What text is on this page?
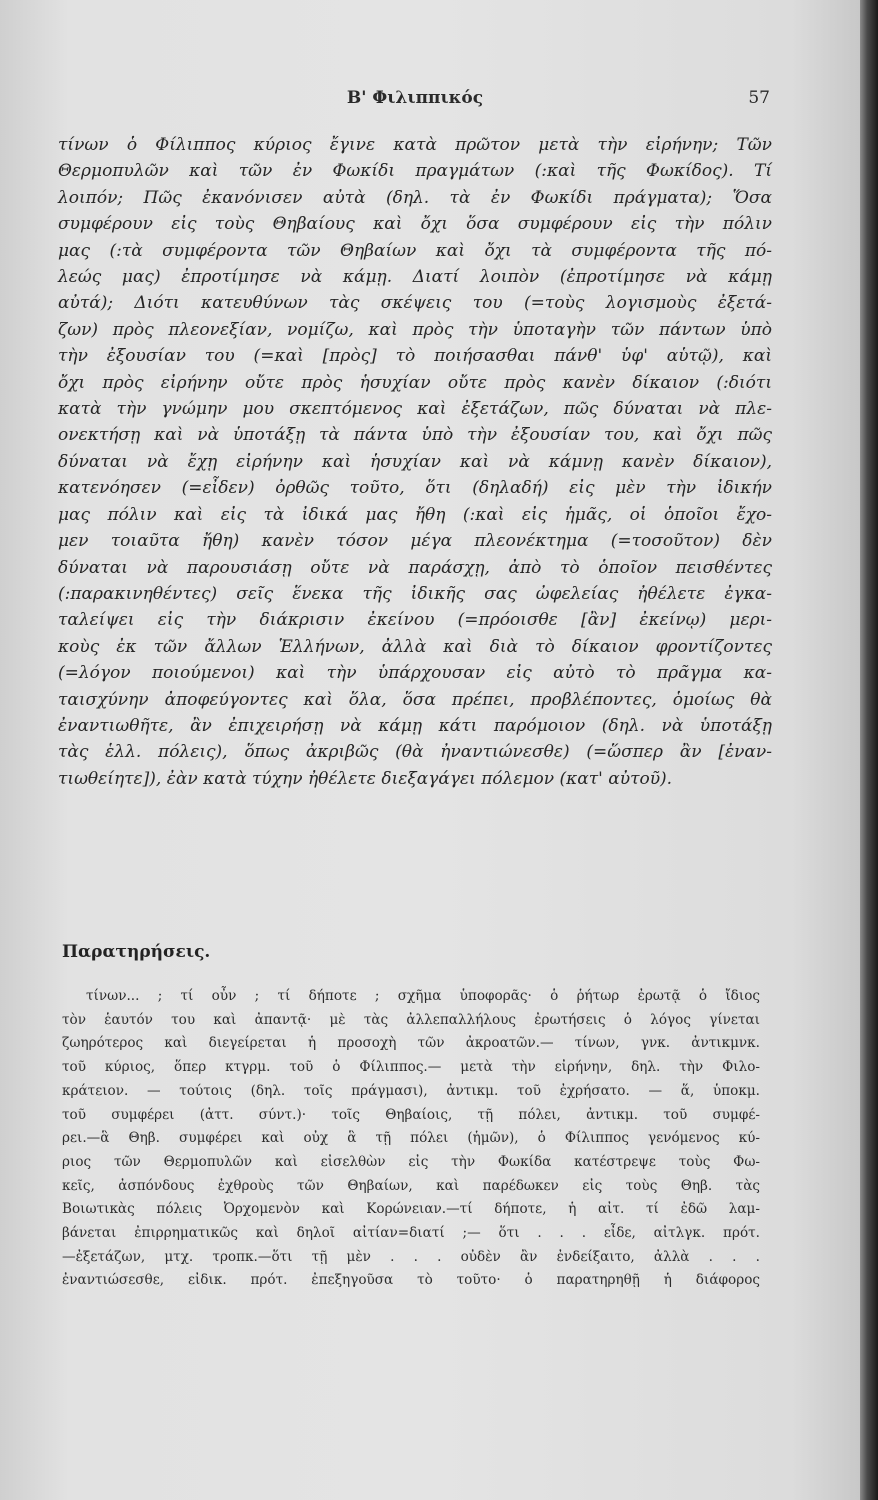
Β' Φιλιππικός	57
τίνων ὁ Φίλιππος κύριος ἔγινε κατὰ πρῶτον μετὰ τὴν εἰρήνην; Τῶν
Θερμοπυλῶν καὶ τῶν ἐν Φωκίδι πραγμάτων (:καὶ τῆς Φωκίδος). Τί
λοιπόν; Πῶς ἐκανόνισεν αὐτὰ (δηλ. τὰ ἐν Φωκίδι πράγματα); Ὅσα
συμφέρουν εἰς τοὺς Θηβαίους καὶ ὄχι ὅσα συμφέρουν εἰς τὴν πόλιν
μας (:τὰ συμφέροντα τῶν Θηβαίων καὶ ὄχι τὰ συμφέροντα τῆς πό-
λεώς μας) ἐπροτίμησε νὰ κάμῃ. Διατί λοιπὸν (ἐπροτίμησε νὰ κάμῃ
αὐτά); Διότι κατευθύνων τὰς σκέψεις του (=τοὺς λογισμοὺς ἐξετά-
ζων) πρὸς πλεονεξίαν, νομίζω, καὶ πρὸς τὴν ὑποταγὴν τῶν πάντων ὑπὸ
τὴν ἐξουσίαν του (=καὶ [πρὸς] τὸ ποιήσασθαι πάνθ' ὑφ' αὑτῷ), καὶ
ὄχι πρὸς εἰρήνην οὔτε πρὸς ἡσυχίαν οὔτε πρὸς κανὲν δίκαιον (:διότι
κατὰ τὴν γνώμην μου σκεπτόμενος καὶ ἐξετάζων, πῶς δύναται νὰ πλε-
ονεκτήσῃ καὶ νὰ ὑποτάξῃ τὰ πάντα ὑπὸ τὴν ἐξουσίαν του, καὶ ὄχι πῶς
δύναται νὰ ἔχῃ εἰρήνην καὶ ἡσυχίαν καὶ νὰ κάμνῃ κανὲν δίκαιον),
κατενόησεν (=εἶδεν) ὀρθῶς τοῦτο, ὅτι (δηλαδή) εἰς μὲν τὴν ἰδικήν
μας πόλιν καὶ εἰς τὰ ἰδικά μας ἤθη (:καὶ εἰς ἡμᾶς, οἱ ὁποῖοι ἔχο-
μεν τοιαῦτα ἤθη) κανὲν τόσον μέγα πλεονέκτημα (=τοσοῦτον) δὲν
δύναται νὰ παρουσιάσῃ οὔτε νὰ παράσχῃ, ἀπὸ τὸ ὁποῖον πεισθέντες
(:παρακινηθέντες) σεῖς ἕνεκα τῆς ἰδικῆς σας ὠφελείας ἠθέλετε ἐγκα-
ταλείψει εἰς τὴν διάκρισιν ἐκείνου (=πρόοισθε [ἂν] ἐκείνῳ) μερι-
κοὺς ἐκ τῶν ἄλλων Ἑλλήνων, ἀλλὰ καὶ διὰ τὸ δίκαιον φροντίζοντες
(=λόγον ποιούμενοι) καὶ τὴν ὑπάρχουσαν εἰς αὐτὸ τὸ πρᾶγμα κα-
ταισχύνην ἀποφεύγοντες καὶ ὅλα, ὅσα πρέπει, προβλέποντες, ὁμοίως θὰ
ἐναντιωθῆτε, ἂν ἐπιχειρήσῃ νὰ κάμῃ κάτι παρόμοιον (δηλ. νὰ ὑποτάξῃ
τὰς ἑλλ. πόλεις), ὅπως ἀκριβῶς (θὰ ἠναντιώνεσθε) (=ὥσπερ ἂν [ἐναν-
τιωθείητε]), ἐὰν κατὰ τύχην ἠθέλετε διεξαγάγει πόλεμον (κατ' αὐτοῦ).
Παρατηρήσεις.
τίνων... ; τί οὖν ; τί δήποτε ; σχῆμα ὑποφορᾶς· ὁ ῥήτωρ ἐρωτᾷ ὁ ἴδιος
τὸν ἑαυτόν του καὶ ἀπαντᾷ· μὲ τὰς ἀλλεπαλλήλους ἐρωτήσεις ὁ λόγος γίνεται
ζωηρότερος καὶ διεγείρεται ἡ προσοχὴ τῶν ἀκροατῶν.— τίνων, γνκ. ἀντικμνκ.
τοῦ κύριος, ὅπερ κτγρμ. τοῦ ὁ Φίλιππος.— μετὰ τὴν εἰρήνην, δηλ. τὴν Φιλο-
κράτειον. — τούτοις (δηλ. τοῖς πράγμασι), ἀντικμ. τοῦ ἐχρήσατο. — ἅ, ὑποκμ.
τοῦ συμφέρει (ἀττ. σύντ.)· τοῖς Θηβαίοις, τῇ πόλει, ἀντικμ. τοῦ συμφέ-
ρει.—ἃ Θηβ. συμφέρει καὶ οὐχ ἃ τῇ πόλει (ἡμῶν), ὁ Φίλιππος γενόμενος κύ-
ριος τῶν Θερμοπυλῶν καὶ εἰσελθὼν εἰς τὴν Φωκίδα κατέστρεψε τοὺς Φω-
κεῖς, ἀσπόνδους ἐχθροὺς τῶν Θηβαίων, καὶ παρέδωκεν εἰς τοὺς Θηβ. τὰς
Βοιωτικὰς πόλεις Ὀρχομενὸν καὶ Κορώνειαν.—τί δήποτε, ἡ αἰτ. τί ἐδῶ λαμ-
βάνεται ἐπιρρηματικῶς καὶ δηλοῖ αἰτίαν=διατί ;— ὅτι . . . εἶδε, αἰτλγκ. πρότ.
—ἐξετάζων, μτχ. τροπκ.—ὅτι τῇ μὲν . . . οὐδὲν ἂν ἐνδείξαιτο, ἀλλὰ . . .
ἐναντιώσεσθε, εἰδικ. πρότ. ἐπεξηγοῦσα τὸ τοῦτο· ὁ παρατηρηθῇ ἡ διάφορος
